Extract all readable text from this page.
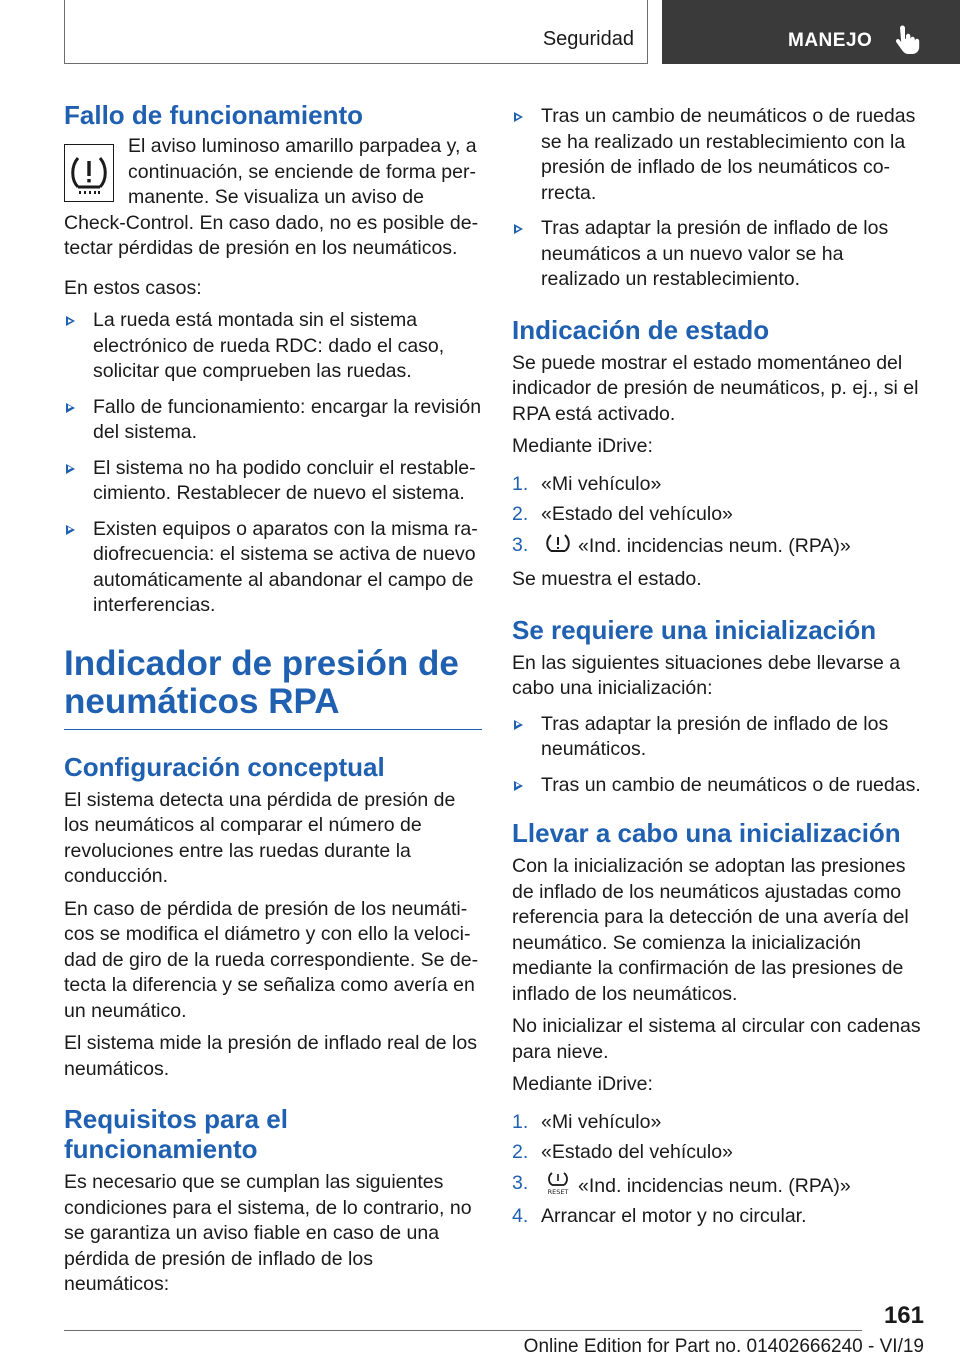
Seguridad	MANEJO
Fallo de funcionamiento

El aviso luminoso amarillo parpadea y, a continuación, se enciende de forma permanente. Se visualiza un aviso de Check-Control. En caso dado, no es posible detectar pérdidas de presión en los neumáticos.

En estos casos:

La rueda está montada sin el sistema electrónico de rueda RDC: dado el caso, solicitar que comprueben las ruedas.
Fallo de funcionamiento: encargar la revisión del sistema.
El sistema no ha podido concluir el restablecimiento. Restablecer de nuevo el sistema.
Existen equipos o aparatos con la misma radiofrecuencia: el sistema se activa de nuevo automáticamente al abandonar el campo de interferencias.
Indicador de presión de neumáticos RPA
Configuración conceptual

El sistema detecta una pérdida de presión de los neumáticos al comparar el número de revoluciones entre las ruedas durante la conducción.

En caso de pérdida de presión de los neumáticos se modifica el diámetro y con ello la velocidad de giro de la rueda correspondiente. Se detecta la diferencia y se señaliza como avería en un neumático.

El sistema mide la presión de inflado real de los neumáticos.

Requisitos para el funcionamiento

Es necesario que se cumplan las siguientes condiciones para el sistema, de lo contrario, no se garantiza un aviso fiable en caso de una pérdida de presión de inflado de los neumáticos:

Tras un cambio de neumáticos o de ruedas se ha realizado un restablecimiento con la presión de inflado de los neumáticos correcta.
Tras adaptar la presión de inflado de los neumáticos a un nuevo valor se ha realizado un restablecimiento.
Indicación de estado

Se puede mostrar el estado momentáneo del indicador de presión de neumáticos, p. ej., si el RPA está activado.

Mediante iDrive:

1. «Mi vehículo»
2. «Estado del vehículo»
3.	«Ind. incidencias neum. (RPA)»

Se muestra el estado.

Se requiere una inicialización

En las siguientes situaciones debe llevarse a cabo una inicialización:

Tras adaptar la presión de inflado de los neumáticos.
Tras un cambio de neumáticos o de ruedas.
Llevar a cabo una inicialización

Con la inicialización se adoptan las presiones de inflado de los neumáticos ajustadas como referencia para la detección de una avería del neumático. Se comienza la inicialización mediante la confirmación de las presiones de inflado de los neumáticos.

No inicializar el sistema al circular con cadenas para nieve.

Mediante iDrive:

1. «Mi vehículo»
2. «Estado del vehículo»
3.	RESET «Ind. incidencias neum. (RPA)»
4. Arrancar el motor y no circular.
161
Online Edition for Part no. 01402666240 - VI/19
